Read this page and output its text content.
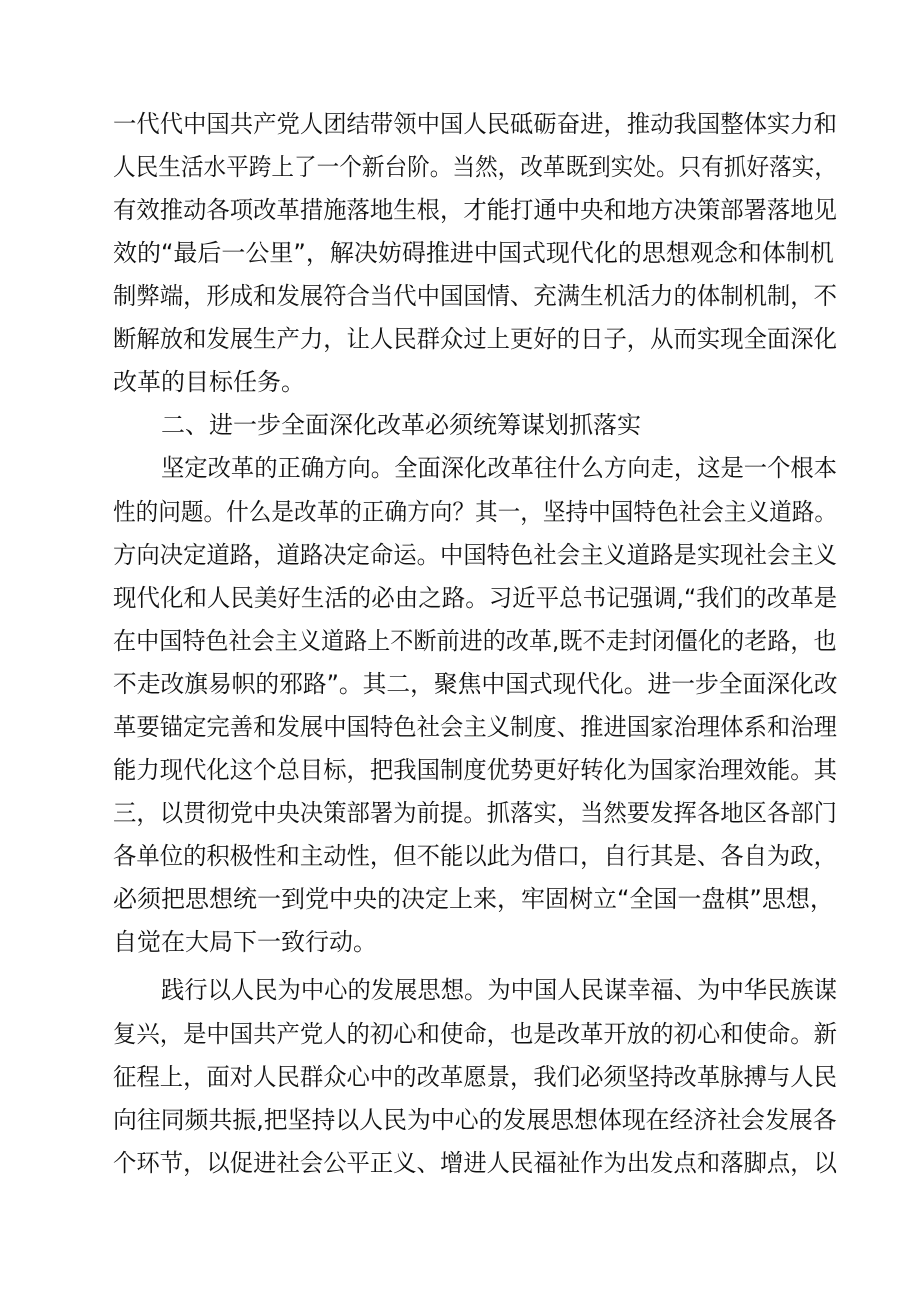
一代代中国共产党人团结带领中国人民砥砺奋进，推动我国整体实力和
人民生活水平跨上了一个新台阶。当然，改革既到实处。只有抓好落实，
有效推动各项改革措施落地生根，才能打通中央和地方决策部署落地见
效的“最后一公里”，解决妨碍推进中国式现代化的思想观念和体制机
制弊端，形成和发展符合当代中国国情、充满生机活力的体制机制，不
断解放和发展生产力，让人民群众过上更好的日子，从而实现全面深化
改革的目标任务。
二、进一步全面深化改革必须统筹谋划抓落实
坚定改革的正确方向。全面深化改革往什么方向走，这是一个根本
性的问题。什么是改革的正确方向？其一，坚持中国特色社会主义道路。
方向决定道路，道路决定命运。中国特色社会主义道路是实现社会主义
现代化和人民美好生活的必由之路。习近平总书记强调,“我们的改革是
在中国特色社会主义道路上不断前进的改革,既不走封闭僵化的老路，也
不走改旗易帜的邪路”。其二，聚焦中国式现代化。进一步全面深化改
革要锚定完善和发展中国特色社会主义制度、推进国家治理体系和治理
能力现代化这个总目标，把我国制度优势更好转化为国家治理效能。其
三，以贯彻党中央决策部署为前提。抓落实，当然要发挥各地区各部门
各单位的积极性和主动性，但不能以此为借口，自行其是、各自为政，
必须把思想统一到党中央的决定上来，牢固树立“全国一盘棋”思想，
自觉在大局下一致行动。
践行以人民为中心的发展思想。为中国人民谋幸福、为中华民族谋
复兴，是中国共产党人的初心和使命，也是改革开放的初心和使命。新
征程上，面对人民群众心中的改革愿景，我们必须坚持改革脉搏与人民
向往同频共振,把坚持以人民为中心的发展思想体现在经济社会发展各
个环节，以促进社会公平正义、增进人民福祉作为出发点和落脚点，以
